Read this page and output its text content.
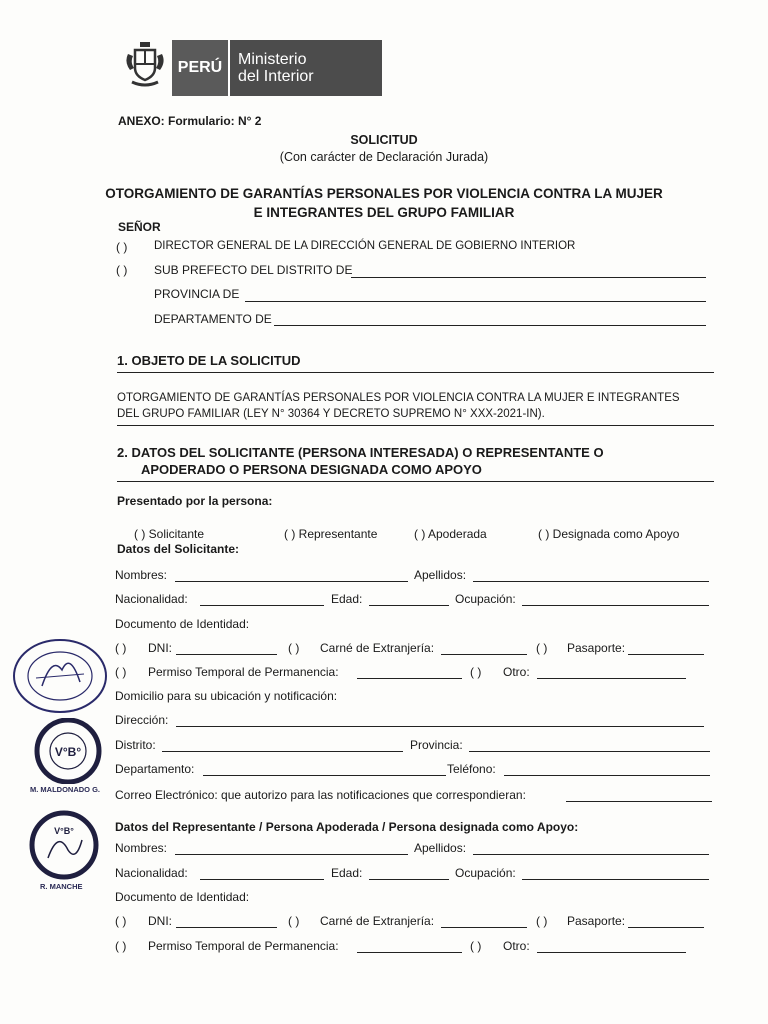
PERÚ Ministerio
del Interior
ANEXO: Formulario: N° 2
SOLICITUD
(Con carácter de Declaración Jurada)
OTORGAMIENTO DE GARANTÍAS PERSONALES POR VIOLENCIA CONTRA LA MUJER
E INTEGRANTES DEL GRUPO FAMILIAR
SEÑOR
( ) DIRECTOR GENERAL DE LA DIRECCIÓN GENERAL DE GOBIERNO INTERIOR
( ) SUB PREFECTO DEL DISTRITO DE
PROVINCIA DE
DEPARTAMENTO DE
1. OBJETO DE LA SOLICITUD
OTORGAMIENTO DE GARANTÍAS PERSONALES POR VIOLENCIA CONTRA LA MUJER E INTEGRANTES
DEL GRUPO FAMILIAR (LEY N° 30364 Y DECRETO SUPREMO N° XXX-2021-IN).
2. DATOS DEL SOLICITANTE (PERSONA INTERESADA) O REPRESENTANTE O
APODERADO O PERSONA DESIGNADA COMO APOYO
Presentado por la persona:
( ) Solicitante	( ) Representante	( ) Apoderada	( ) Designada como Apoyo
Datos del Solicitante:
Nombres:	Apellidos:
Nacionalidad:	Edad:	Ocupación:
Documento de Identidad:
( ) DNI:	( ) Carné de Extranjería:	( ) Pasaporte:
( ) Permiso Temporal de Permanencia:	( ) Otro:
Domicilio para su ubicación y notificación:
Dirección:
Distrito:	Provincia:
Departamento:	Teléfono:
Correo Electrónico: que autorizo para las notificaciones que correspondieran:
Datos del Representante / Persona Apoderada / Persona designada como Apoyo:
Nombres:	Apellidos:
Nacionalidad:	Edad:	Ocupación:
Documento de Identidad:
( ) DNI:	( ) Carné de Extranjería:	( ) Pasaporte:
( ) Permiso Temporal de Permanencia:	( ) Otro:
V°B°
M. MALDONADO G.
V°B°
R. MANCHE
